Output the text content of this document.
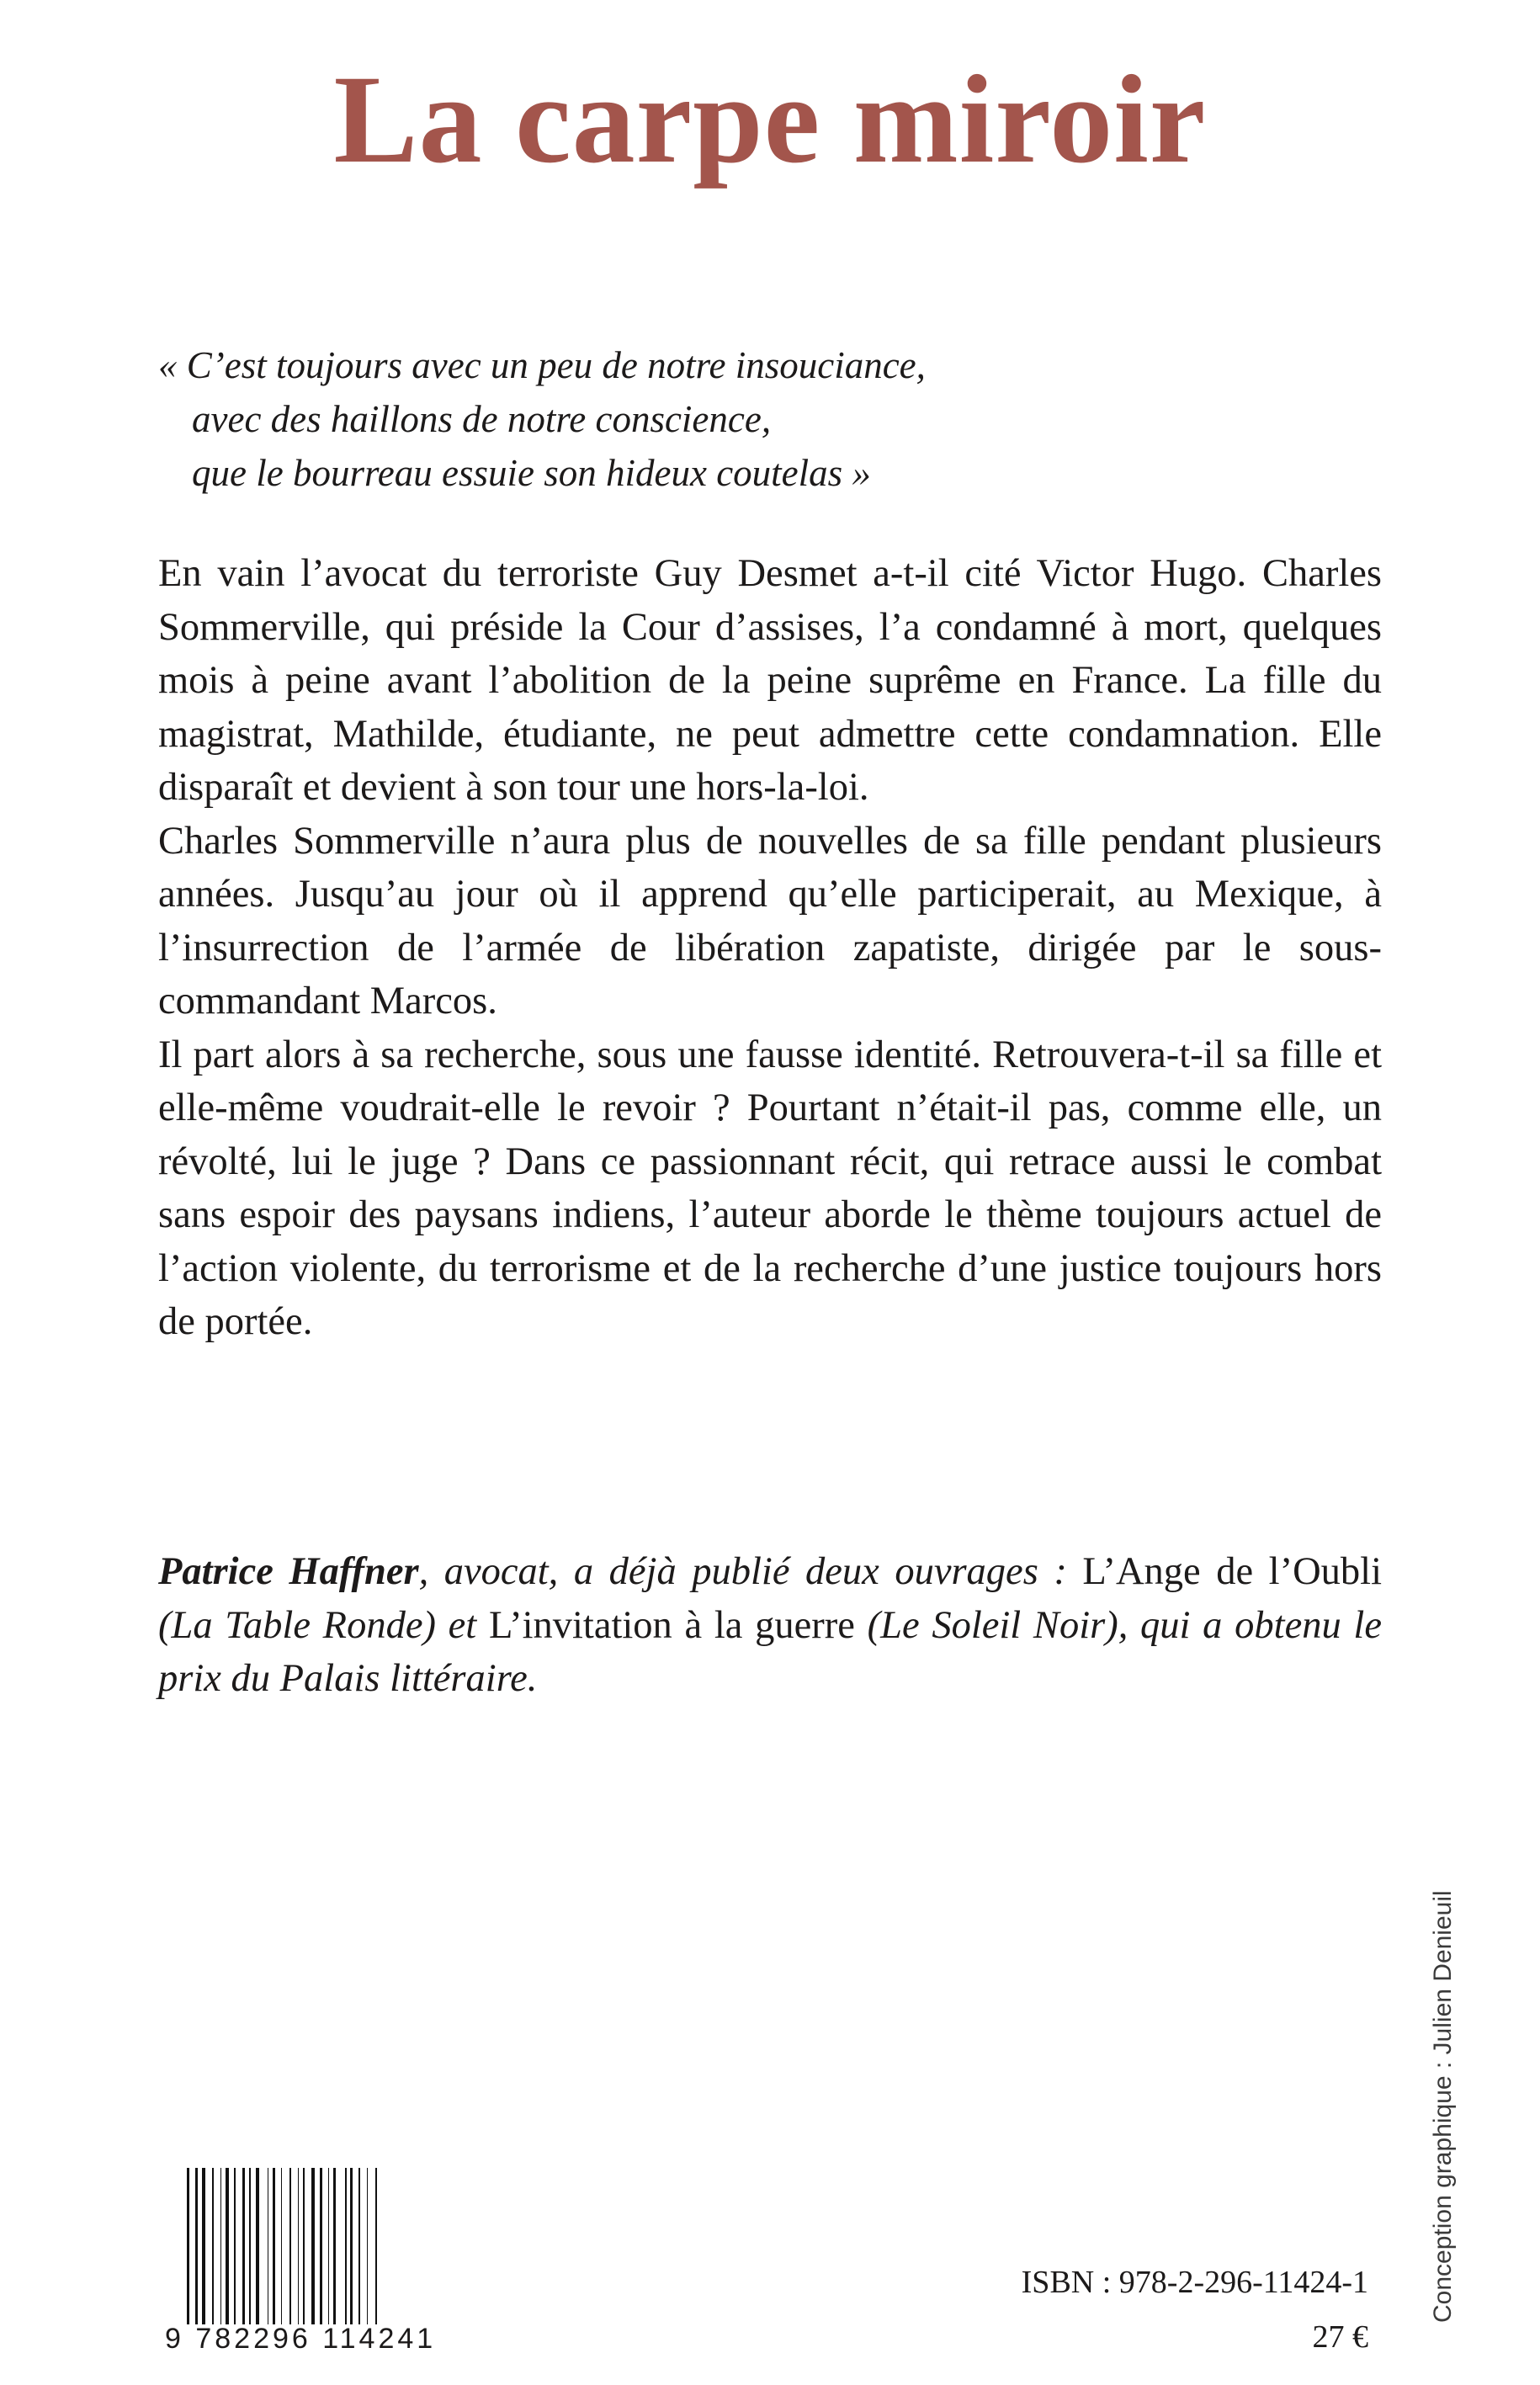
La carpe miroir
« C’est toujours avec un peu de notre insouciance,
avec des haillons de notre conscience,
que le bourreau essuie son hideux coutelas »

En vain l’avocat du terroriste Guy Desmet a-t-il cité Victor Hugo. Charles Sommerville, qui préside la Cour d’assises, l’a condamné à mort, quelques mois à peine avant l’abolition de la peine suprême en France. La fille du magistrat, Mathilde, étudiante, ne peut admettre cette condamnation. Elle disparaît et devient à son tour une hors-la-loi.

Charles Sommerville n’aura plus de nouvelles de sa fille pendant plusieurs années. Jusqu’au jour où il apprend qu’elle participerait, au Mexique, à l’insurrection de l’armée de libération zapatiste, dirigée par le sous-commandant Marcos.

Il part alors à sa recherche, sous une fausse identité. Retrouvera-t-il sa fille et elle-même voudrait-elle le revoir ? Pourtant n’était-il pas, comme elle, un révolté, lui le juge ? Dans ce passionnant récit, qui retrace aussi le combat sans espoir des paysans indiens, l’auteur aborde le thème toujours actuel de l’action violente, du terrorisme et de la recherche d’une justice toujours hors de portée.

Patrice Haffner, avocat, a déjà publié deux ouvrages : L’Ange de l’Oubli (La Table Ronde) et L’invitation à la guerre (Le Soleil Noir), qui a obtenu le prix du Palais littéraire.
Conception graphique : Julien Denieuil
9 782296 114241
ISBN : 978-2-296-11424-1
27 €
